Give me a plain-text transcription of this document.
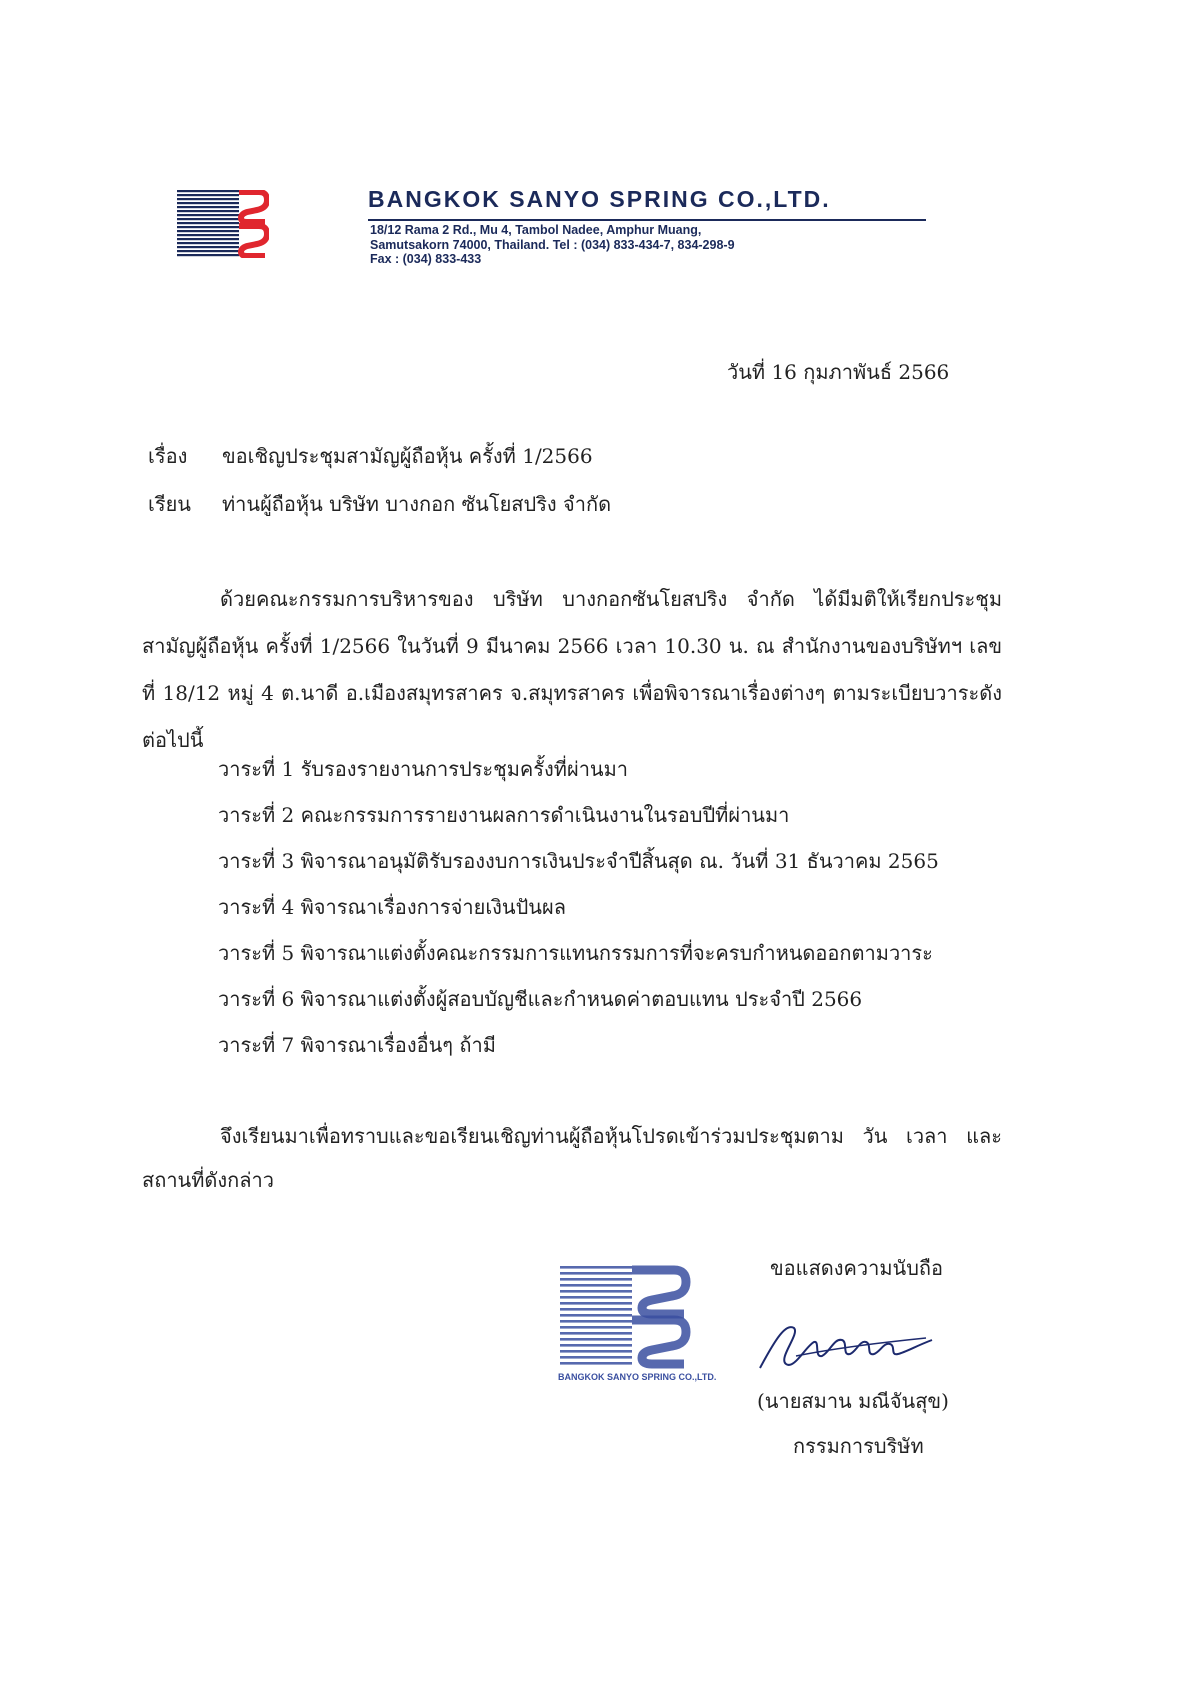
BANGKOK SANYO SPRING CO.,LTD.
18/12 Rama 2 Rd., Mu 4, Tambol Nadee, Amphur Muang,
Samutsakorn 74000, Thailand. Tel : (034) 833-434-7, 834-298-9
Fax : (034) 833-433
วันที่ 16 กุมภาพันธ์ 2566
เรื่อง ขอเชิญประชุมสามัญผู้ถือหุ้น ครั้งที่ 1/2566
เรียน ท่านผู้ถือหุ้น บริษัท บางกอก ซันโยสปริง จำกัด
ด้วยคณะกรรมการบริหารของ บริษัท บางกอกซันโยสปริง จำกัด ได้มีมติให้เรียกประชุมสามัญผู้ถือหุ้น ครั้งที่ 1/2566 ในวันที่ 9 มีนาคม 2566 เวลา 10.30 น. ณ สำนักงานของบริษัทฯ เลขที่ 18/12 หมู่ 4 ต.นาดี อ.เมืองสมุทรสาคร จ.สมุทรสาคร เพื่อพิจารณาเรื่องต่างๆ ตามระเบียบวาระดังต่อไปนี้
วาระที่ 1 รับรองรายงานการประชุมครั้งที่ผ่านมา
วาระที่ 2 คณะกรรมการรายงานผลการดำเนินงานในรอบปีที่ผ่านมา
วาระที่ 3 พิจารณาอนุมัติรับรองงบการเงินประจำปีสิ้นสุด ณ. วันที่ 31 ธันวาคม 2565
วาระที่ 4 พิจารณาเรื่องการจ่ายเงินปันผล
วาระที่ 5 พิจารณาแต่งตั้งคณะกรรมการแทนกรรมการที่จะครบกำหนดออกตามวาระ
วาระที่ 6 พิจารณาแต่งตั้งผู้สอบบัญชีและกำหนดค่าตอบแทน ประจำปี 2566
วาระที่ 7 พิจารณาเรื่องอื่นๆ ถ้ามี
จึงเรียนมาเพื่อทราบและขอเรียนเชิญท่านผู้ถือหุ้นโปรดเข้าร่วมประชุมตาม วัน เวลา และสถานที่ดังกล่าว
BANGKOK SANYO SPRING CO.,LTD.
ขอแสดงความนับถือ
(นายสมาน มณีจันสุข)
กรรมการบริษัท
